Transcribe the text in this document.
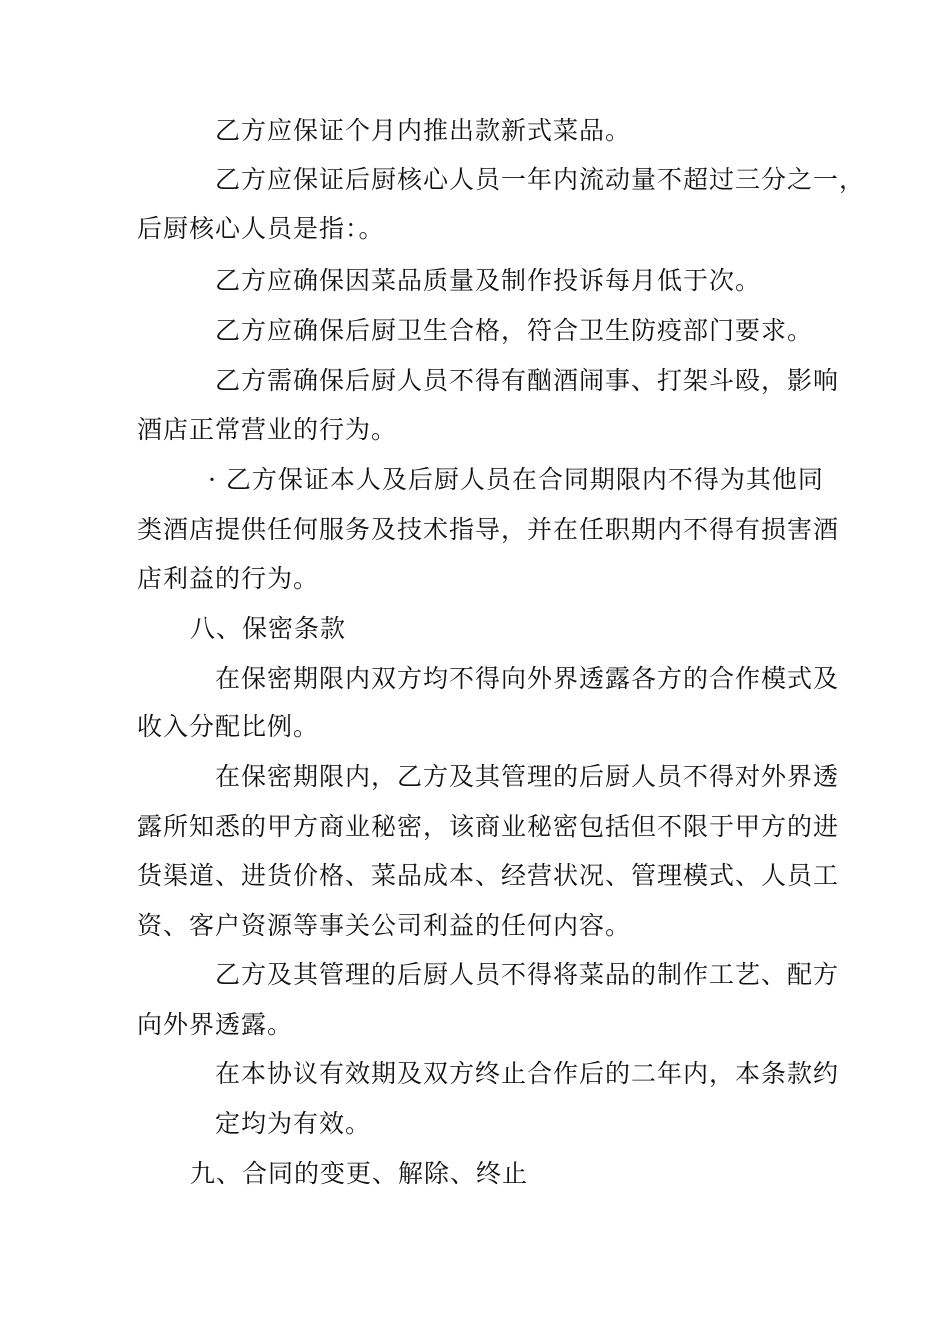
乙方应保证个月内推出款新式菜品。
乙方应保证后厨核心人员一年内流动量不超过三分之一，
后厨核心人员是指：。
乙方应确保因菜品质量及制作投诉每月低于次。
乙方应确保后厨卫生合格，符合卫生防疫部门要求。
乙方需确保后厨人员不得有酗酒闹事、打架斗殴，影响
酒店正常营业的行为。
· 乙方保证本人及后厨人员在合同期限内不得为其他同
类酒店提供任何服务及技术指导，并在任职期内不得有损害酒
店利益的行为。
八、保密条款
在保密期限内双方均不得向外界透露各方的合作模式及
收入分配比例。
在保密期限内，乙方及其管理的后厨人员不得对外界透
露所知悉的甲方商业秘密，该商业秘密包括但不限于甲方的进
货渠道、进货价格、菜品成本、经营状况、管理模式、人员工
资、客户资源等事关公司利益的任何内容。
乙方及其管理的后厨人员不得将菜品的制作工艺、配方
向外界透露。
在本协议有效期及双方终止合作后的二年内，本条款约
定均为有效。
九、合同的变更、解除、终止
